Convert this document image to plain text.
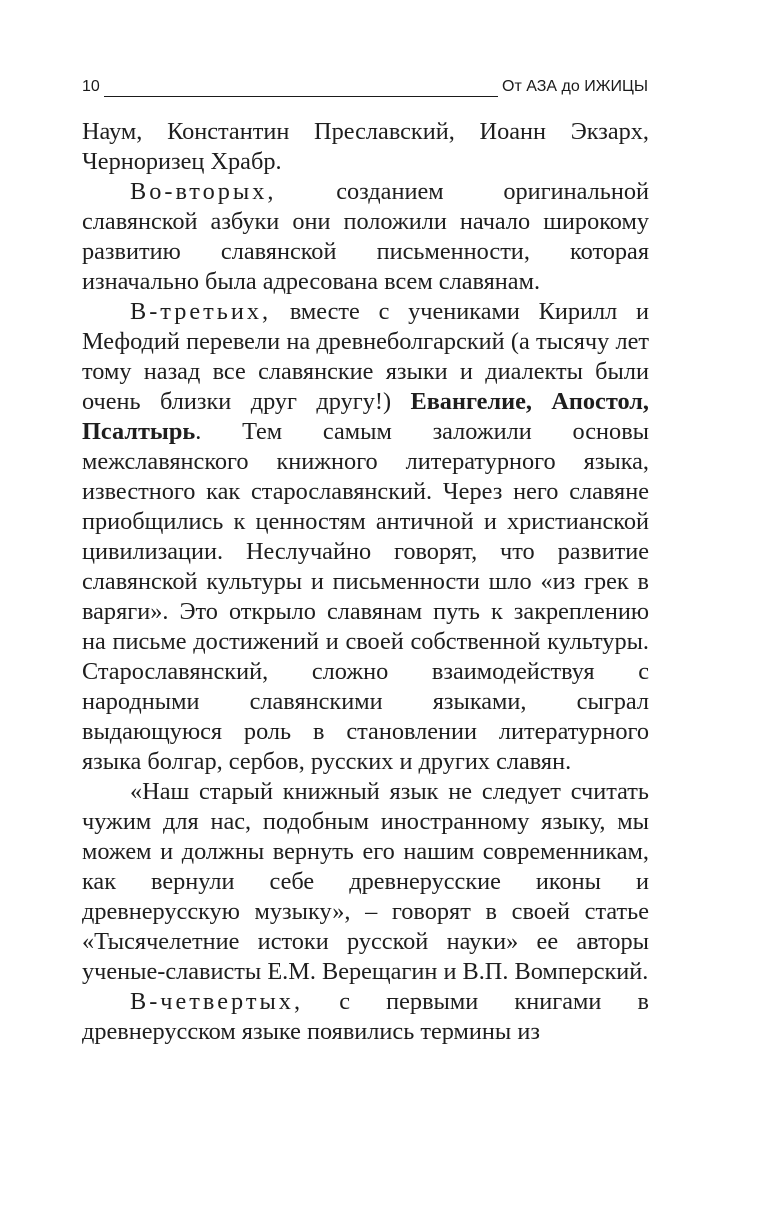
10	От АЗА до ИЖИЦЫ

Наум, Константин Преславский, Иоанн Экзарх, Черноризец Храбр.

Во-вторых, созданием оригинальной славянской азбуки они положили начало широкому развитию славянской письменности, которая изначально была адресована всем славянам.

В-третьих, вместе с учениками Кирилл и Мефодий перевели на древнеболгарский (а тысячу лет тому назад все славянские языки и диалекты были очень близки друг другу!) Евангелие, Апостол, Псалтырь. Тем самым заложили основы межславянского книжного литературного языка, известного как старославянский. Через него славяне приобщились к ценностям античной и христианской цивилизации. Неслучайно говорят, что развитие славянской культуры и письменности шло «из грек в варяги». Это открыло славянам путь к закреплению на письме достижений и своей собственной культуры. Старославянский, сложно взаимодействуя с народными славянскими языками, сыграл выдающуюся роль в становлении литературного языка болгар, сербов, русских и других славян.

«Наш старый книжный язык не следует считать чужим для нас, подобным иностранному языку, мы можем и должны вернуть его нашим современникам, как вернули себе древнерусские иконы и древнерусскую музыку», – говорят в своей статье «Тысячелетние истоки русской науки» ее авторы ученые-слависты Е.М. Верещагин и В.П. Вомперский.

В-четвертых, с первыми книгами в древнерусском языке появились термины из
